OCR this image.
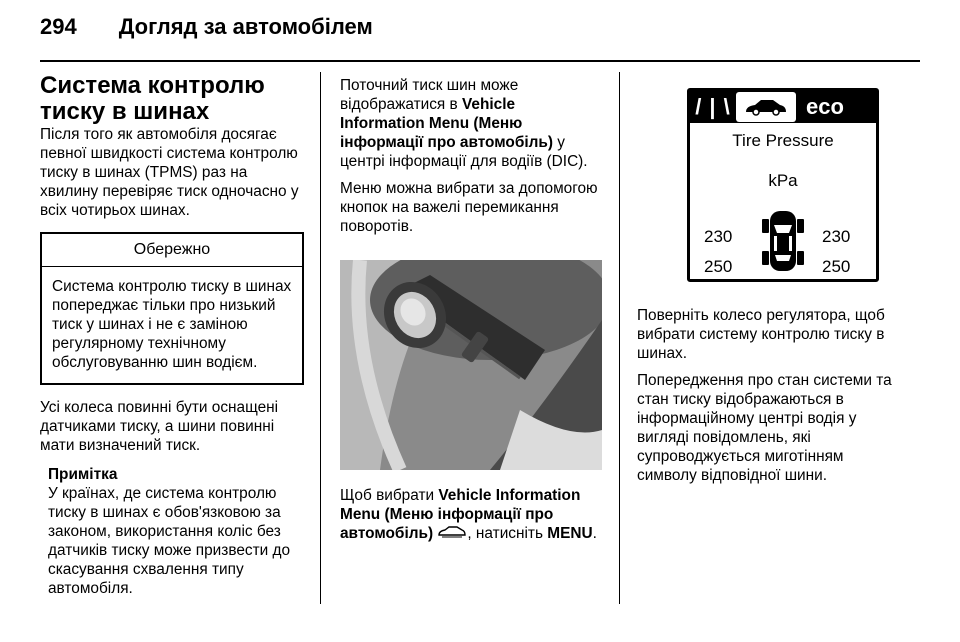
294 Догляд за автомобілем
Система контролю тиску в шинах

Після того як автомобіля досягає певної швидкості система контролю тиску в шинах (TPMS) раз на хвилину перевіряє тиск одночасно у всіх чотирьох шинах.

Обережно
Система контролю тиску в шинах попереджає тільки про низький тиск у шинах і не є заміною регулярному технічному обслуговуванню шин водієм.

Усі колеса повинні бути оснащені датчиками тиску, а шини повинні мати визначений тиск.

Примітка
У країнах, де система контролю тиску в шинах є обов'язковою за законом, використання коліс без датчиків тиску може призвести до скасування схвалення типу автомобіля.

Поточний тиск шин може відображатися в Vehicle Information Menu (Меню інформації про автомобіль) у центрі інформації для водіїв (DIC).

Меню можна вибрати за допомогою кнопок на важелі перемикання поворотів.

Щоб вибрати Vehicle Information Menu (Меню інформації про автомобіль) , натисніть MENU.

/ | \	eco
Tire Pressure
kPa
230	230
250	250

Поверніть колесо регулятора, щоб вибрати систему контролю тиску в шинах.

Попередження про стан системи та стан тиску відображаються в інформаційному центрі водія у вигляді повідомлень, які супроводжується миготінням символу відповідної шини.
